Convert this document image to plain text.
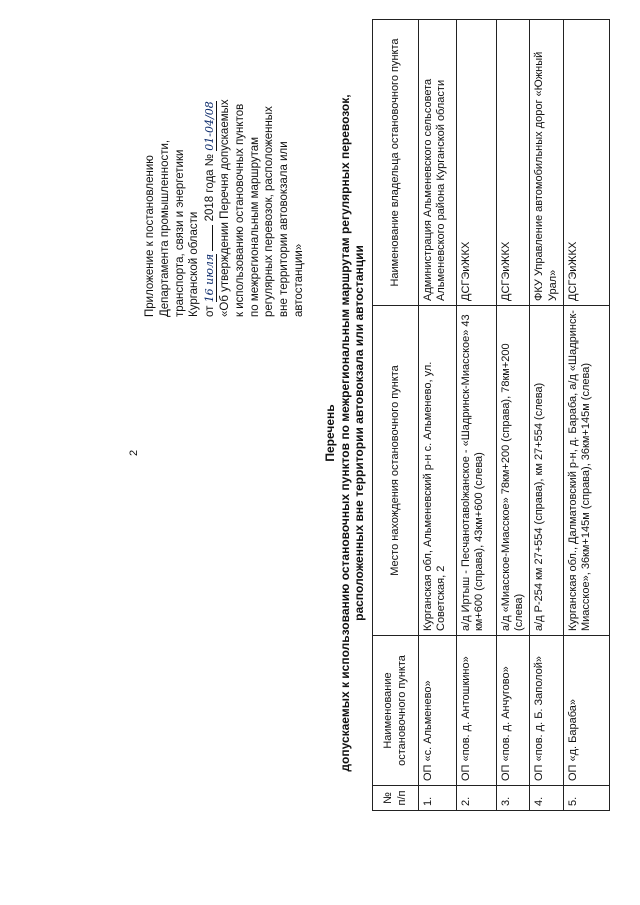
2
Приложение к постановлению Департамента промышленности, транспорта, связи и энергетики Курганской области от 16 июля  2018 года № 01-04/08 «Об утверждении Перечня допускаемых к использованию остановочных пунктов по межрегиональным маршрутам регулярных перевозок, расположенных вне территории автовокзала или автостанции»
Перечень допускаемых к использованию остановочных пунктов по межрегиональным маршрутам регулярных перевозок, расположенных вне территории автовокзала или автостанции
№ п/п	Наименование остановочного пункта	Место нахождения остановочного пункта	Наименование владельца остановочного пункта
1.	ОП «с. Альменево»	Курганская обл, Альменевский р-н с. Альменево, ул. Советская, 2	Администрация Альменевского сельсовета Альменевского района Курганской области
2.	ОП «пов. д. Антошкино»	а/д Иртыш - Песчанотавolжанское - «Шадринск-Миасское» 43 км+600 (справа), 43км+600 (слева)	ДСГЭиЖКХ
3.	ОП «пов. д. Анчугово»	а/д «Миасское-Миасское» 78км+200 (справа), 78км+200 (слева)	ДСГЭиЖКХ
4.	ОП «пов. д. Б. Заполой»	а/д Р-254 км 27+554 (справа), км 27+554 (слева)	ФКУ Управление автомобильных дорог «Южный Урал»
5.	ОП «д. Бараба»	Курганская обл., Далматовский р-н, д. Бараба, а/д «Шадринск-Миасское», 36км+145м (справа), 36км+145м (слева)	ДСГЭиЖКХ
